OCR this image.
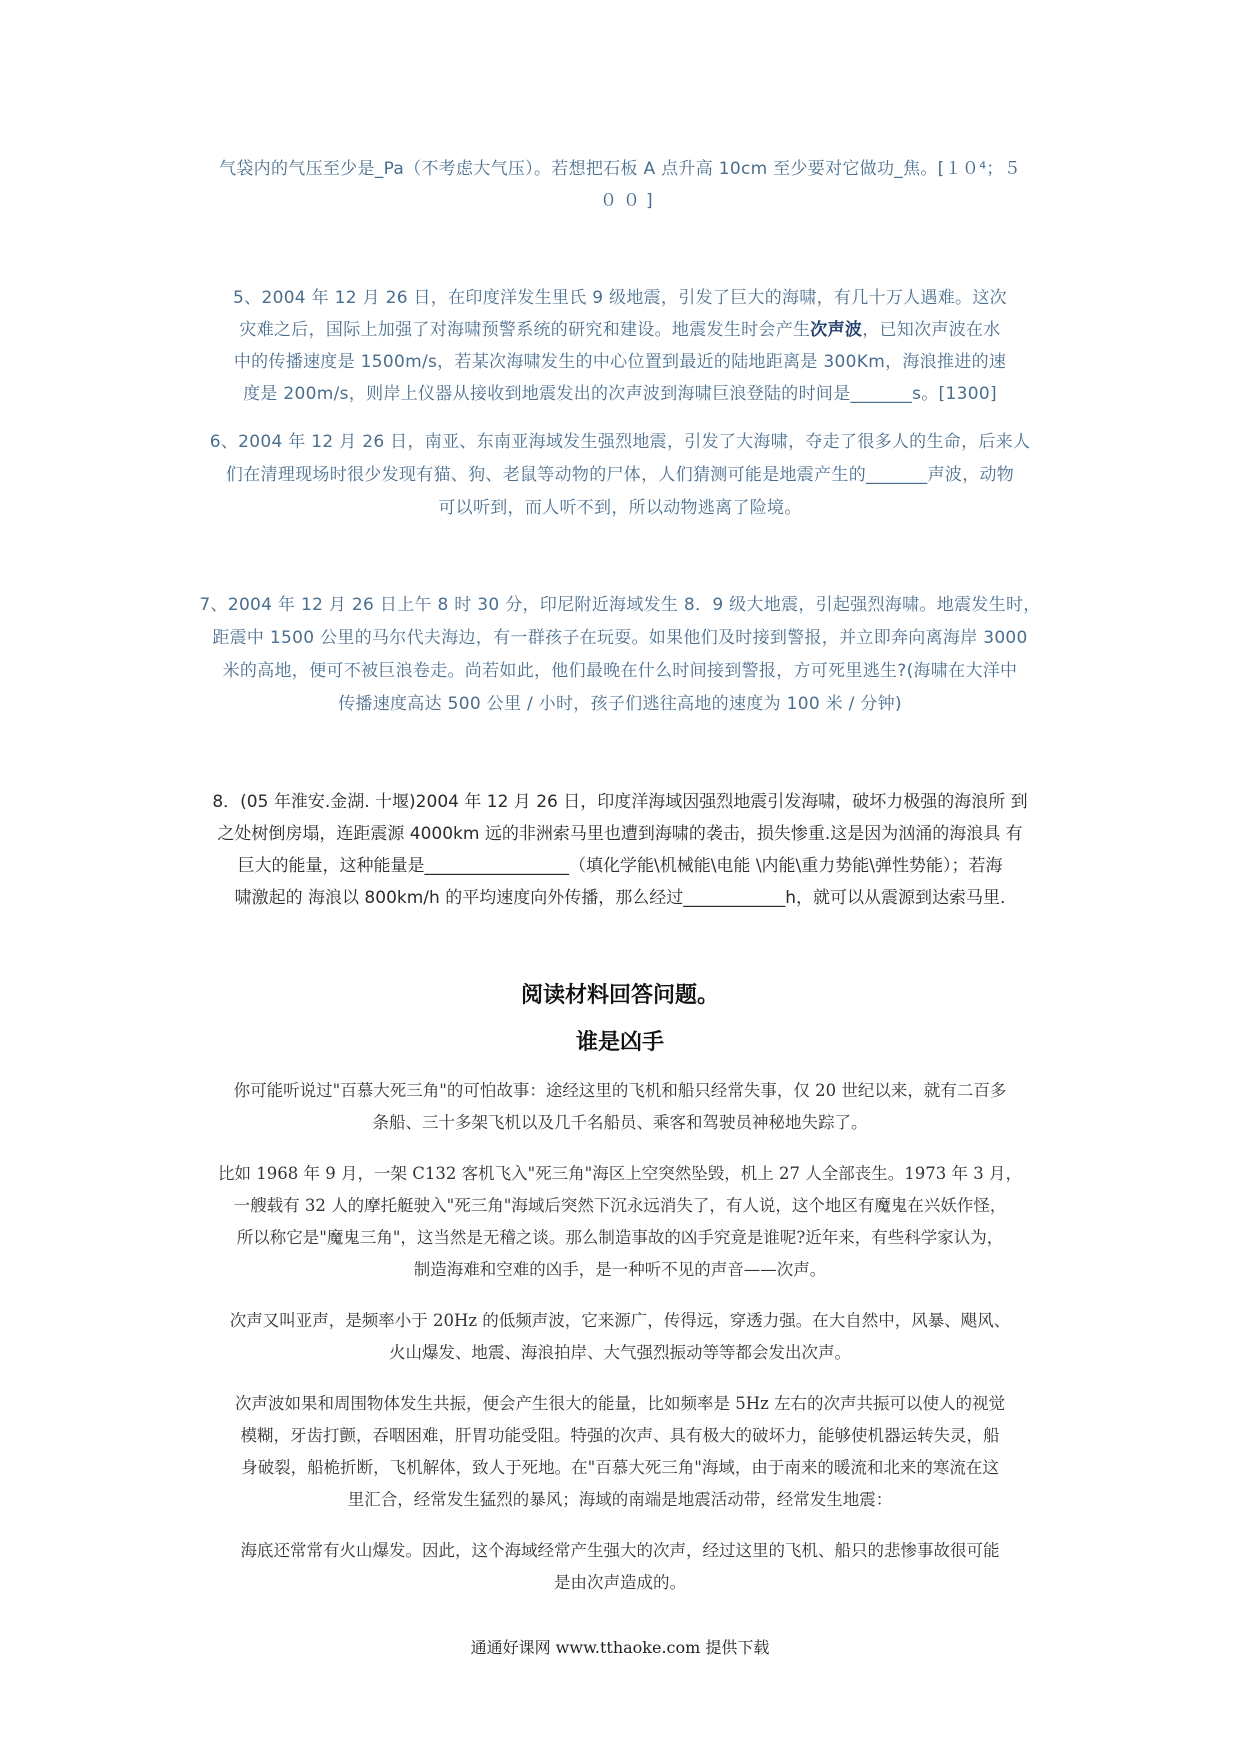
气袋内的气压至少是_Pa（不考虑大气压）。若想把石板 A 点升高 10cm 至少要对它做功_焦。[１０⁴；５
００]
5、2004 年 12 月 26 日，在印度洋发生里氏 9 级地震，引发了巨大的海啸，有几十万人遇难。这次
灾难之后，国际上加强了对海啸预警系统的研究和建设。地震发生时会产生次声波，已知次声波在水
中的传播速度是 1500m/s，若某次海啸发生的中心位置到最近的陆地距离是 300Km，海浪推进的速
度是 200m/s，则岸上仪器从接收到地震发出的次声波到海啸巨浪登陆的时间是_______s。[1300]
6、2004 年 12 月 26 日，南亚、东南亚海域发生强烈地震，引发了大海啸，夺走了很多人的生命，后来人
们在清理现场时很少发现有猫、狗、老鼠等动物的尸体，人们猜测可能是地震产生的_______声波，动物
可以听到，而人听不到，所以动物逃离了险境。
7、2004 年 12 月 26 日上午 8 时 30 分，印尼附近海域发生 8．9 级大地震，引起强烈海啸。地震发生时，
距震中 1500 公里的马尔代夫海边，有一群孩子在玩耍。如果他们及时接到警报，并立即奔向离海岸 3000
米的高地，便可不被巨浪卷走。尚若如此，他们最晚在什么时间接到警报，方可死里逃生?(海啸在大洋中
传播速度高达 500 公里 / 小时，孩子们逃往高地的速度为 100 米 / 分钟)
8．(05 年淮安.金湖. 十堰)2004 年 12 月 26 日，印度洋海域因强烈地震引发海啸，破坏力极强的海浪所 到
之处树倒房塌，连距震源 4000km 远的非洲索马里也遭到海啸的袭击，损失惨重.这是因为汹涌的海浪具 有
巨大的能量，这种能量是_________________（填化学能\机械能\电能 \内能\重力势能\弹性势能）；若海
啸激起的 海浪以 800km/h 的平均速度向外传播，那么经过____________h，就可以从震源到达索马里.
阅读材料回答问题。
谁是凶手
你可能听说过"百慕大死三角"的可怕故事：途经这里的飞机和船只经常失事，仅 20 世纪以来，就有二百多
条船、三十多架飞机以及几千名船员、乘客和驾驶员神秘地失踪了。
比如 1968 年 9 月，一架 C132 客机飞入"死三角"海区上空突然坠毁，机上 27 人全部丧生。1973 年 3 月，
一艘载有 32 人的摩托艇驶入"死三角"海域后突然下沉永远消失了，有人说，这个地区有魔鬼在兴妖作怪，
所以称它是"魔鬼三角"，这当然是无稽之谈。那么制造事故的凶手究竟是谁呢?近年来，有些科学家认为，
制造海难和空难的凶手，是一种听不见的声音——次声。
次声又叫亚声，是频率小于 20Hz 的低频声波，它来源广，传得远，穿透力强。在大自然中，风暴、飓风、
火山爆发、地震、海浪拍岸、大气强烈振动等等都会发出次声。
次声波如果和周围物体发生共振，便会产生很大的能量，比如频率是 5Hz 左右的次声共振可以使人的视觉
模糊，牙齿打颤，吞咽困难，肝胃功能受阻。特强的次声、具有极大的破坏力，能够使机器运转失灵，船
身破裂，船桅折断，飞机解体，致人于死地。在"百慕大死三角"海域，由于南来的暖流和北来的寒流在这
里汇合，经常发生猛烈的暴风；海域的南端是地震活动带，经常发生地震：
海底还常常有火山爆发。因此，这个海域经常产生强大的次声，经过这里的飞机、船只的悲惨事故很可能
是由次声造成的。
通通好课网 www.tthaoke.com 提供下载
